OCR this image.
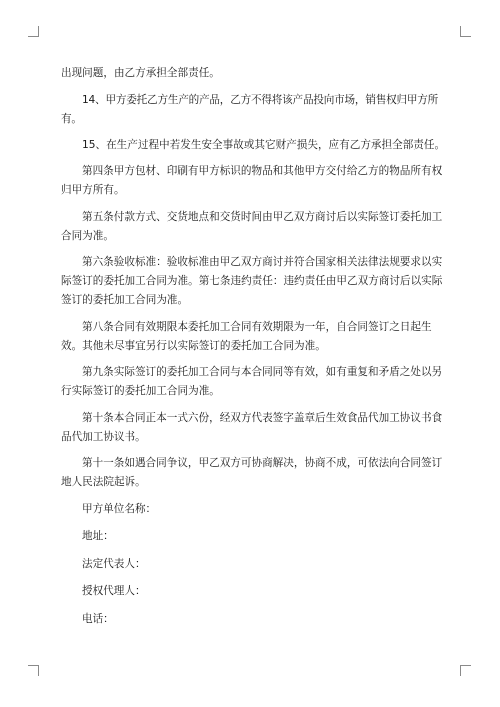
出现问题，由乙方承担全部责任。

14、甲方委托乙方生产的产品，乙方不得将该产品投向市场，销售权归甲方所有。

15、在生产过程中若发生安全事故或其它财产损失，应有乙方承担全部责任。

第四条甲方包材、印刷有甲方标识的物品和其他甲方交付给乙方的物品所有权归甲方所有。

第五条付款方式、交货地点和交货时间由甲乙双方商讨后以实际签订委托加工合同为准。

第六条验收标准：验收标准由甲乙双方商讨并符合国家相关法律法规要求以实际签订的委托加工合同为准。第七条违约责任：违约责任由甲乙双方商讨后以实际签订的委托加工合同为准。

第八条合同有效期限本委托加工合同有效期限为一年，自合同签订之日起生效。其他未尽事宜另行以实际签订的委托加工合同为准。

第九条实际签订的委托加工合同与本合同同等有效，如有重复和矛盾之处以另行实际签订的委托加工合同为准。

第十条本合同正本一式六份，经双方代表签字盖章后生效食品代加工协议书食品代加工协议书。

第十一条如遇合同争议，甲乙双方可协商解决，协商不成，可依法向合同签订地人民法院起诉。

甲方单位名称：

地址：

法定代表人：

授权代理人：

电话：
